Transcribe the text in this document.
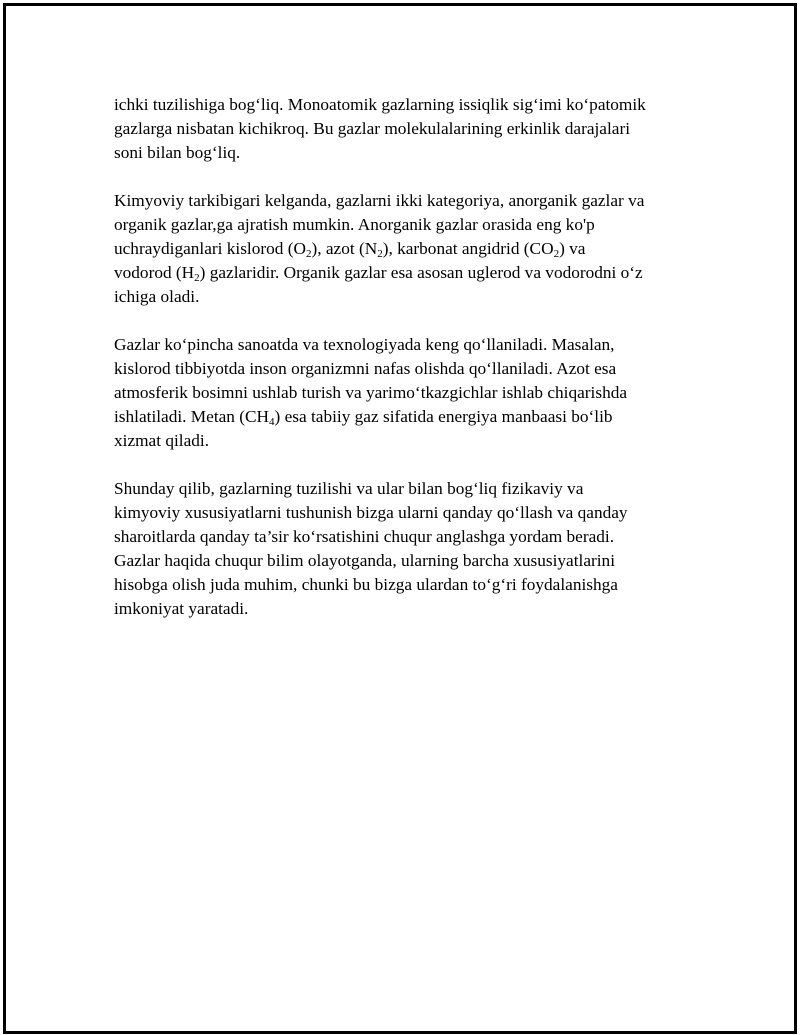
ichki tuzilishiga bog‘liq. Monoatomik gazlarning issiqlik sig‘imi ko‘patomik
gazlarga nisbatan kichikroq. Bu gazlar molekulalarining erkinlik darajalari
soni bilan bog‘liq.

Kimyoviy tarkibigari kelganda, gazlarni ikki kategoriya, anorganik gazlar va
organik gazlar,ga ajratish mumkin. Anorganik gazlar orasida eng ko'p
uchraydiganlari kislorod $(O_2)$, azot $(N_2)$, karbonat angidrid $(CO_2)$ va
vodorod $(H_2)$ gazlaridir. Organik gazlar esa asosan uglerod va vodorodni o‘z
ichiga oladi.

Gazlar ko‘pincha sanoatda va texnologiyada keng qo‘llaniladi. Masalan,
kislorod tibbiyotda inson organizmni nafas olishda qo‘llaniladi. Azot esa
atmosferik bosimni ushlab turish va yarimo‘tkazgichlar ishlab chiqarishda
ishlatiladi. Metan $(CH_4)$ esa tabiiy gaz sifatida energiya manbaasi bo‘lib
xizmat qiladi.

Shunday qilib, gazlarning tuzilishi va ular bilan bog‘liq fizikaviy va
kimyoviy xususiyatlarni tushunish bizga ularni qanday qo‘llash va qanday
sharoitlarda qanday ta’sir ko‘rsatishini chuqur anglashga yordam beradi.
Gazlar haqida chuqur bilim olayotganda, ularning barcha xususiyatlarini
hisobga olish juda muhim, chunki bu bizga ulardan to‘g‘ri foydalanishga
imkoniyat yaratadi.
